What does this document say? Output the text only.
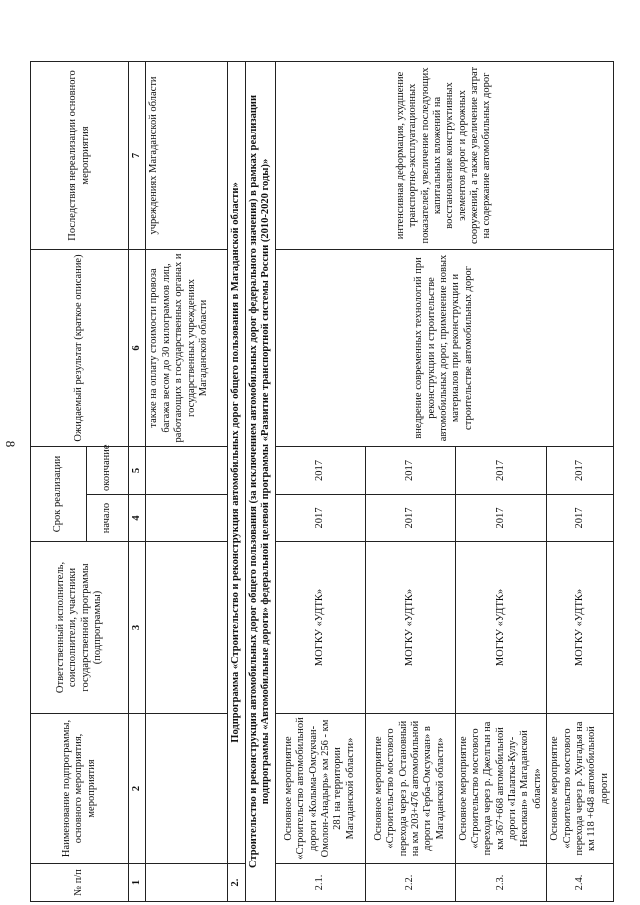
8
№ п/п	Наименование подпрограммы, основного мероприятия, мероприятия	Ответственный исполнитель, соисполнители, участники государственной программы (подпрограммы)	Срок реализации		Ожидаемый результат (краткое описание)	Последствия нереализации основного мероприятия
			начало	окончание		
1	2	3	4	5	6	7
					также на оплату стоимости провоза багажа весом до 30 килограммов лиц, работающих в государственных органах и государственных учреждениях Магаданской области	учреждениях Магаданской области
2.	Подпрограмма «Строительство и реконструкция автомобильных дорог общего пользования в Магаданской области»					
Строительство и реконструкция автомобильных дорог общего пользования (за исключением автомобильных дорог федерального значения) в рамках реализации подпрограммы «Автомобильные дороги» федеральной целевой программы «Развитие транспортной системы России (2010-2020 годы)»						
2.1.	Основное мероприятие «Строительство автомобильной дороги «Колыма-Омсукчан-Омолон-Анадырь» км 256 - км 281 на территории Магаданской области»	МОГКУ «УДТК»	2017	2017	внедрение современных технологий при реконструкции и строительстве автомобильных дорог, применение новых материалов при реконструкции и строительстве автомобильных дорог	интенсивная деформация, ухудшение транспортно-эксплуатационных показателей, увеличение последующих капитальных вложений на восстановление конструктивных элементов дорог и дорожных сооружений, а также увеличение затрат на содержание автомобильных дорог
2.2.	Основное мероприятие «Строительство мостового перехода через р. Остановный на км 203+476 автомобильной дороги «Герба-Омсукчан» в Магаданской области»	МОГКУ «УДТК»	2017	2017		
2.3.	Основное мероприятие «Строительство мостового перехода через р. Джелгын на км 367+668 автомобильной дороги «Палатка-Кулу-Нексикан» в Магаданской области»	МОГКУ «УДТК»	2017	2017		
2.4.	Основное мероприятие «Строительство мостового перехода через р. Хунгадья на км 118 +648 автомобильной дороги	МОГКУ «УДТК»	2017	2017		
